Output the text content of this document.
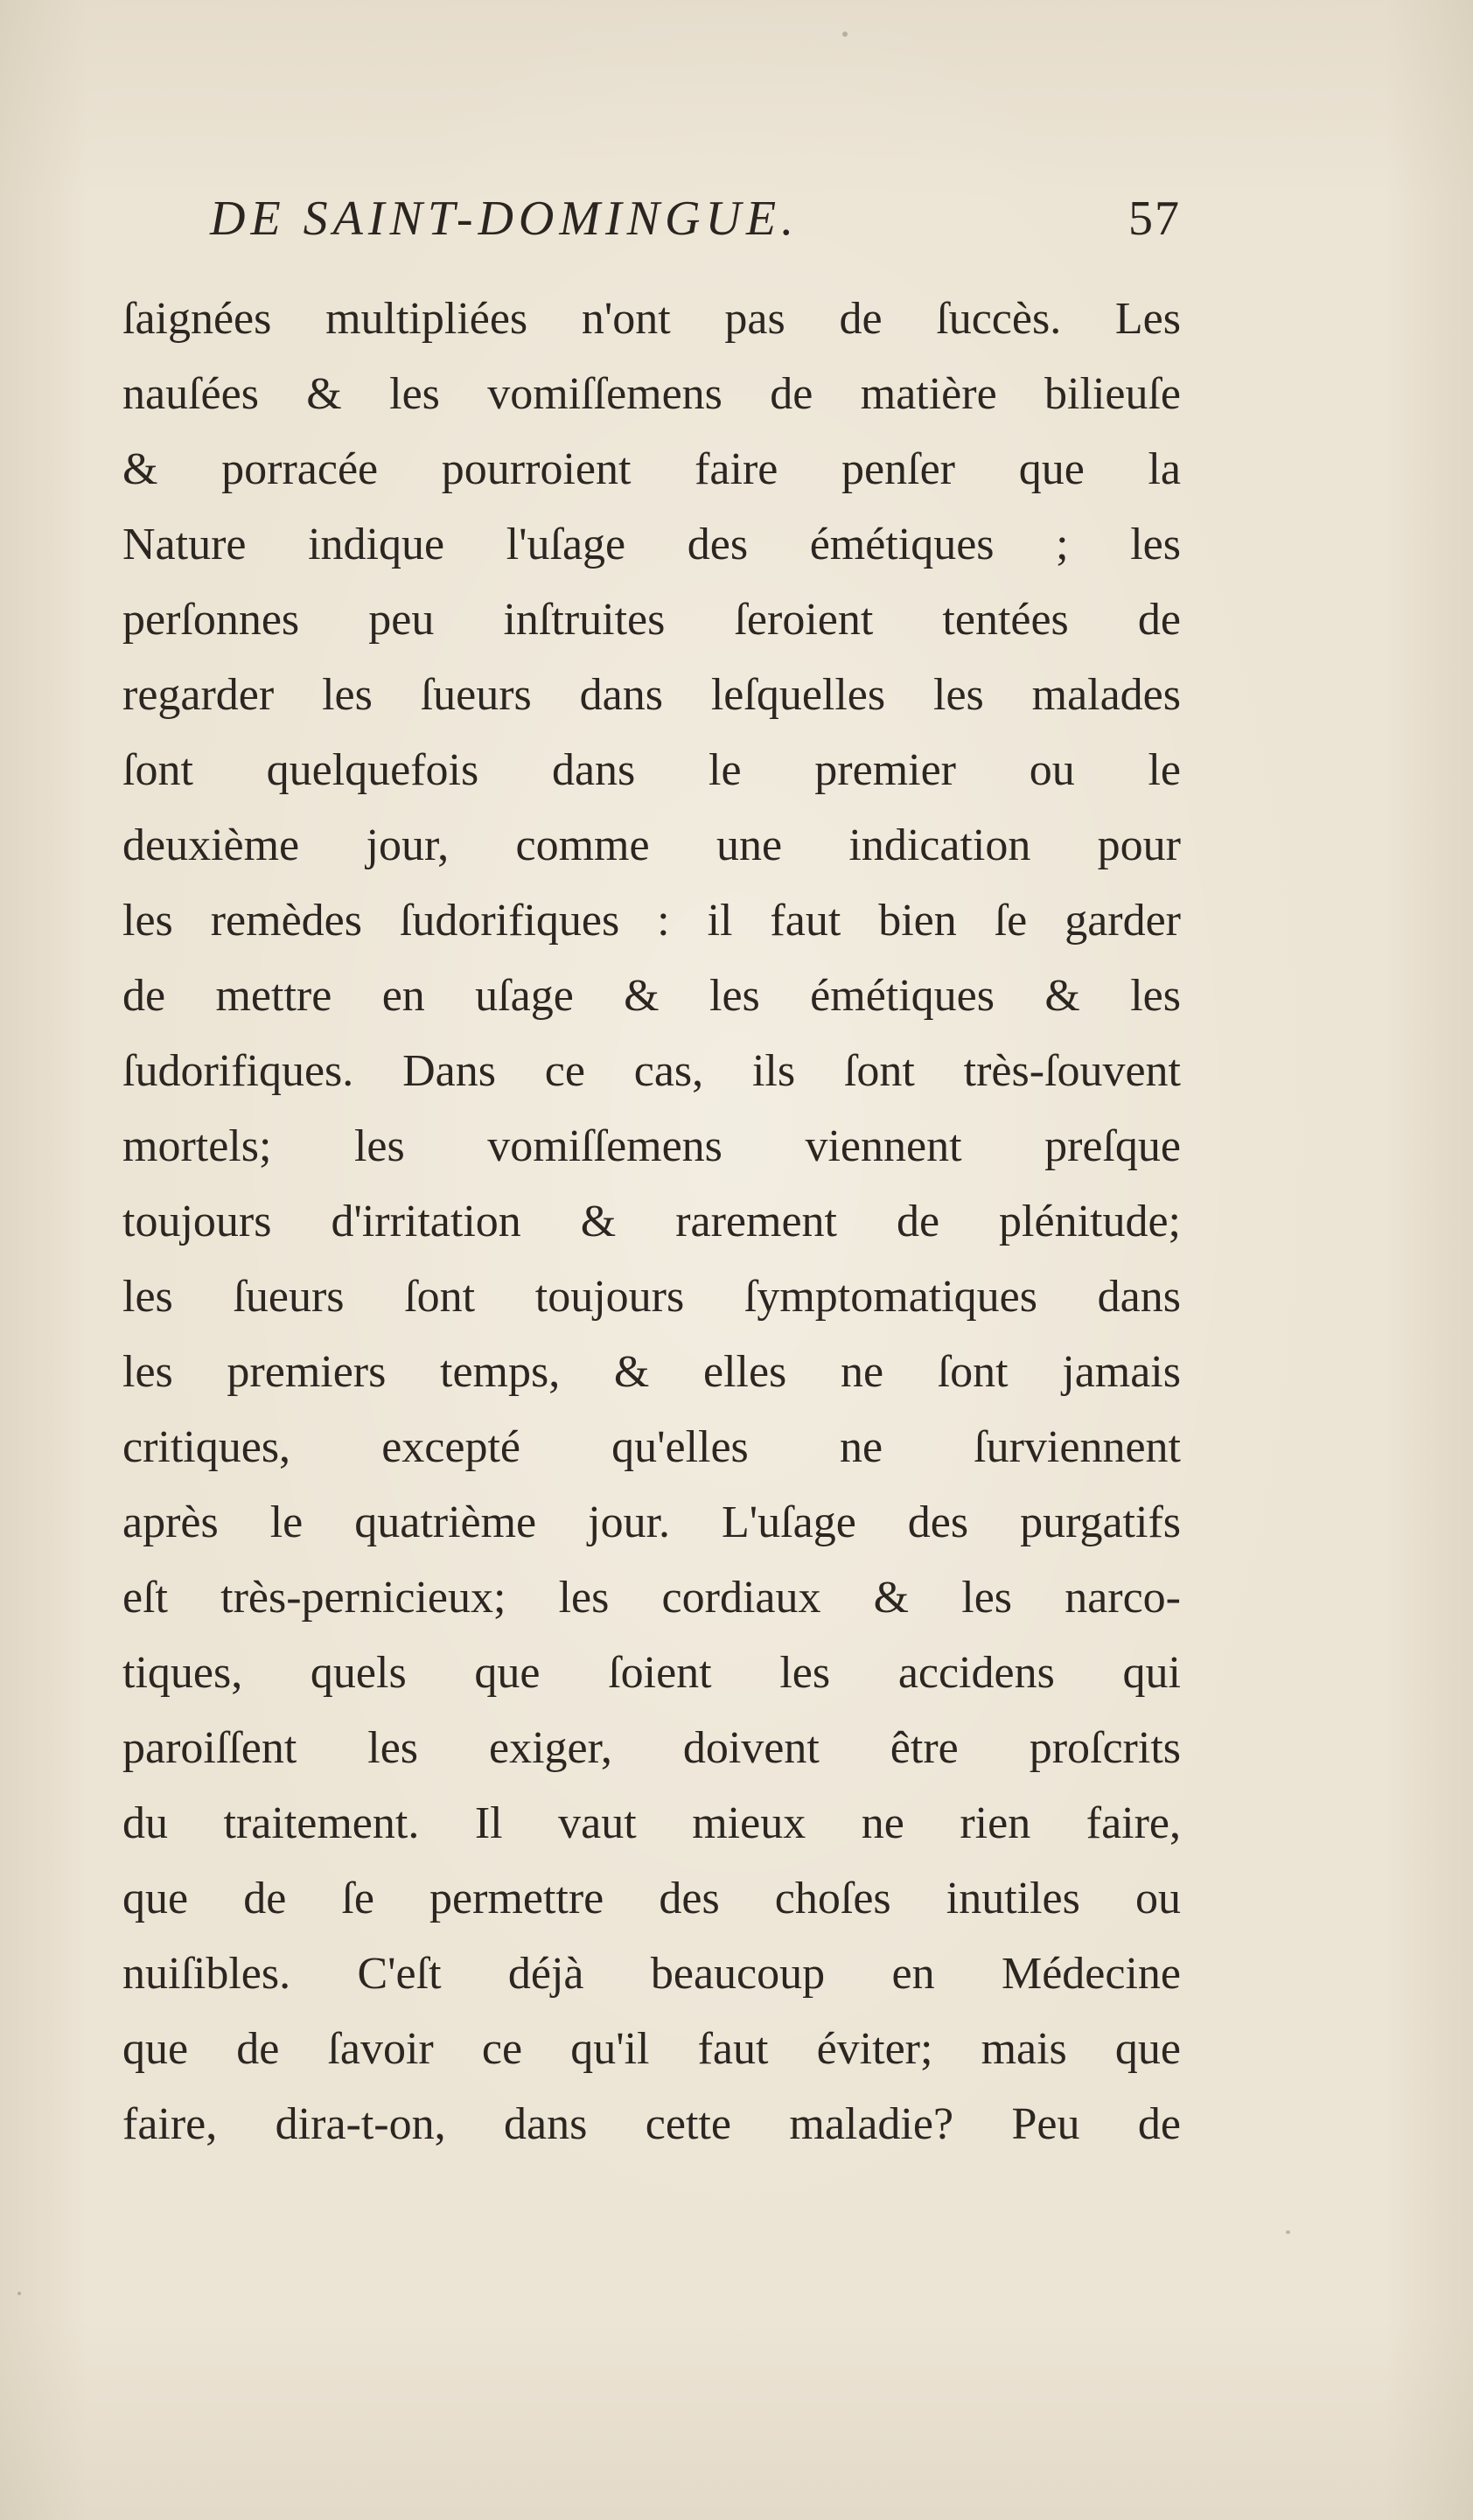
DE SAINT-DOMINGUE.	57
ſaignées multipliées n'ont pas de ſuccès. Les
nauſées & les vomiſſemens de matière bilieuſe
& porracée pourroient faire penſer que la
Nature indique l'uſage des émétiques ; les
perſonnes peu inſtruites ſeroient tentées de
regarder les ſueurs dans leſquelles les malades
ſont quelquefois dans le premier ou le
deuxième jour, comme une indication pour
les remèdes ſudorifiques : il faut bien ſe garder
de mettre en uſage & les émétiques & les
ſudorifiques. Dans ce cas, ils ſont très-ſouvent
mortels; les vomiſſemens viennent preſque
toujours d'irritation & rarement de plénitude;
les ſueurs ſont toujours ſymptomatiques dans
les premiers temps, & elles ne ſont jamais
critiques, excepté qu'elles ne ſurviennent
après le quatrième jour. L'uſage des purgatifs
eſt très-pernicieux; les cordiaux & les narco-
tiques, quels que ſoient les accidens qui
paroiſſent les exiger, doivent être proſcrits
du traitement. Il vaut mieux ne rien faire,
que de ſe permettre des choſes inutiles ou
nuiſibles. C'eſt déjà beaucoup en Médecine
que de ſavoir ce qu'il faut éviter; mais que
faire, dira-t-on, dans cette maladie? Peu de
